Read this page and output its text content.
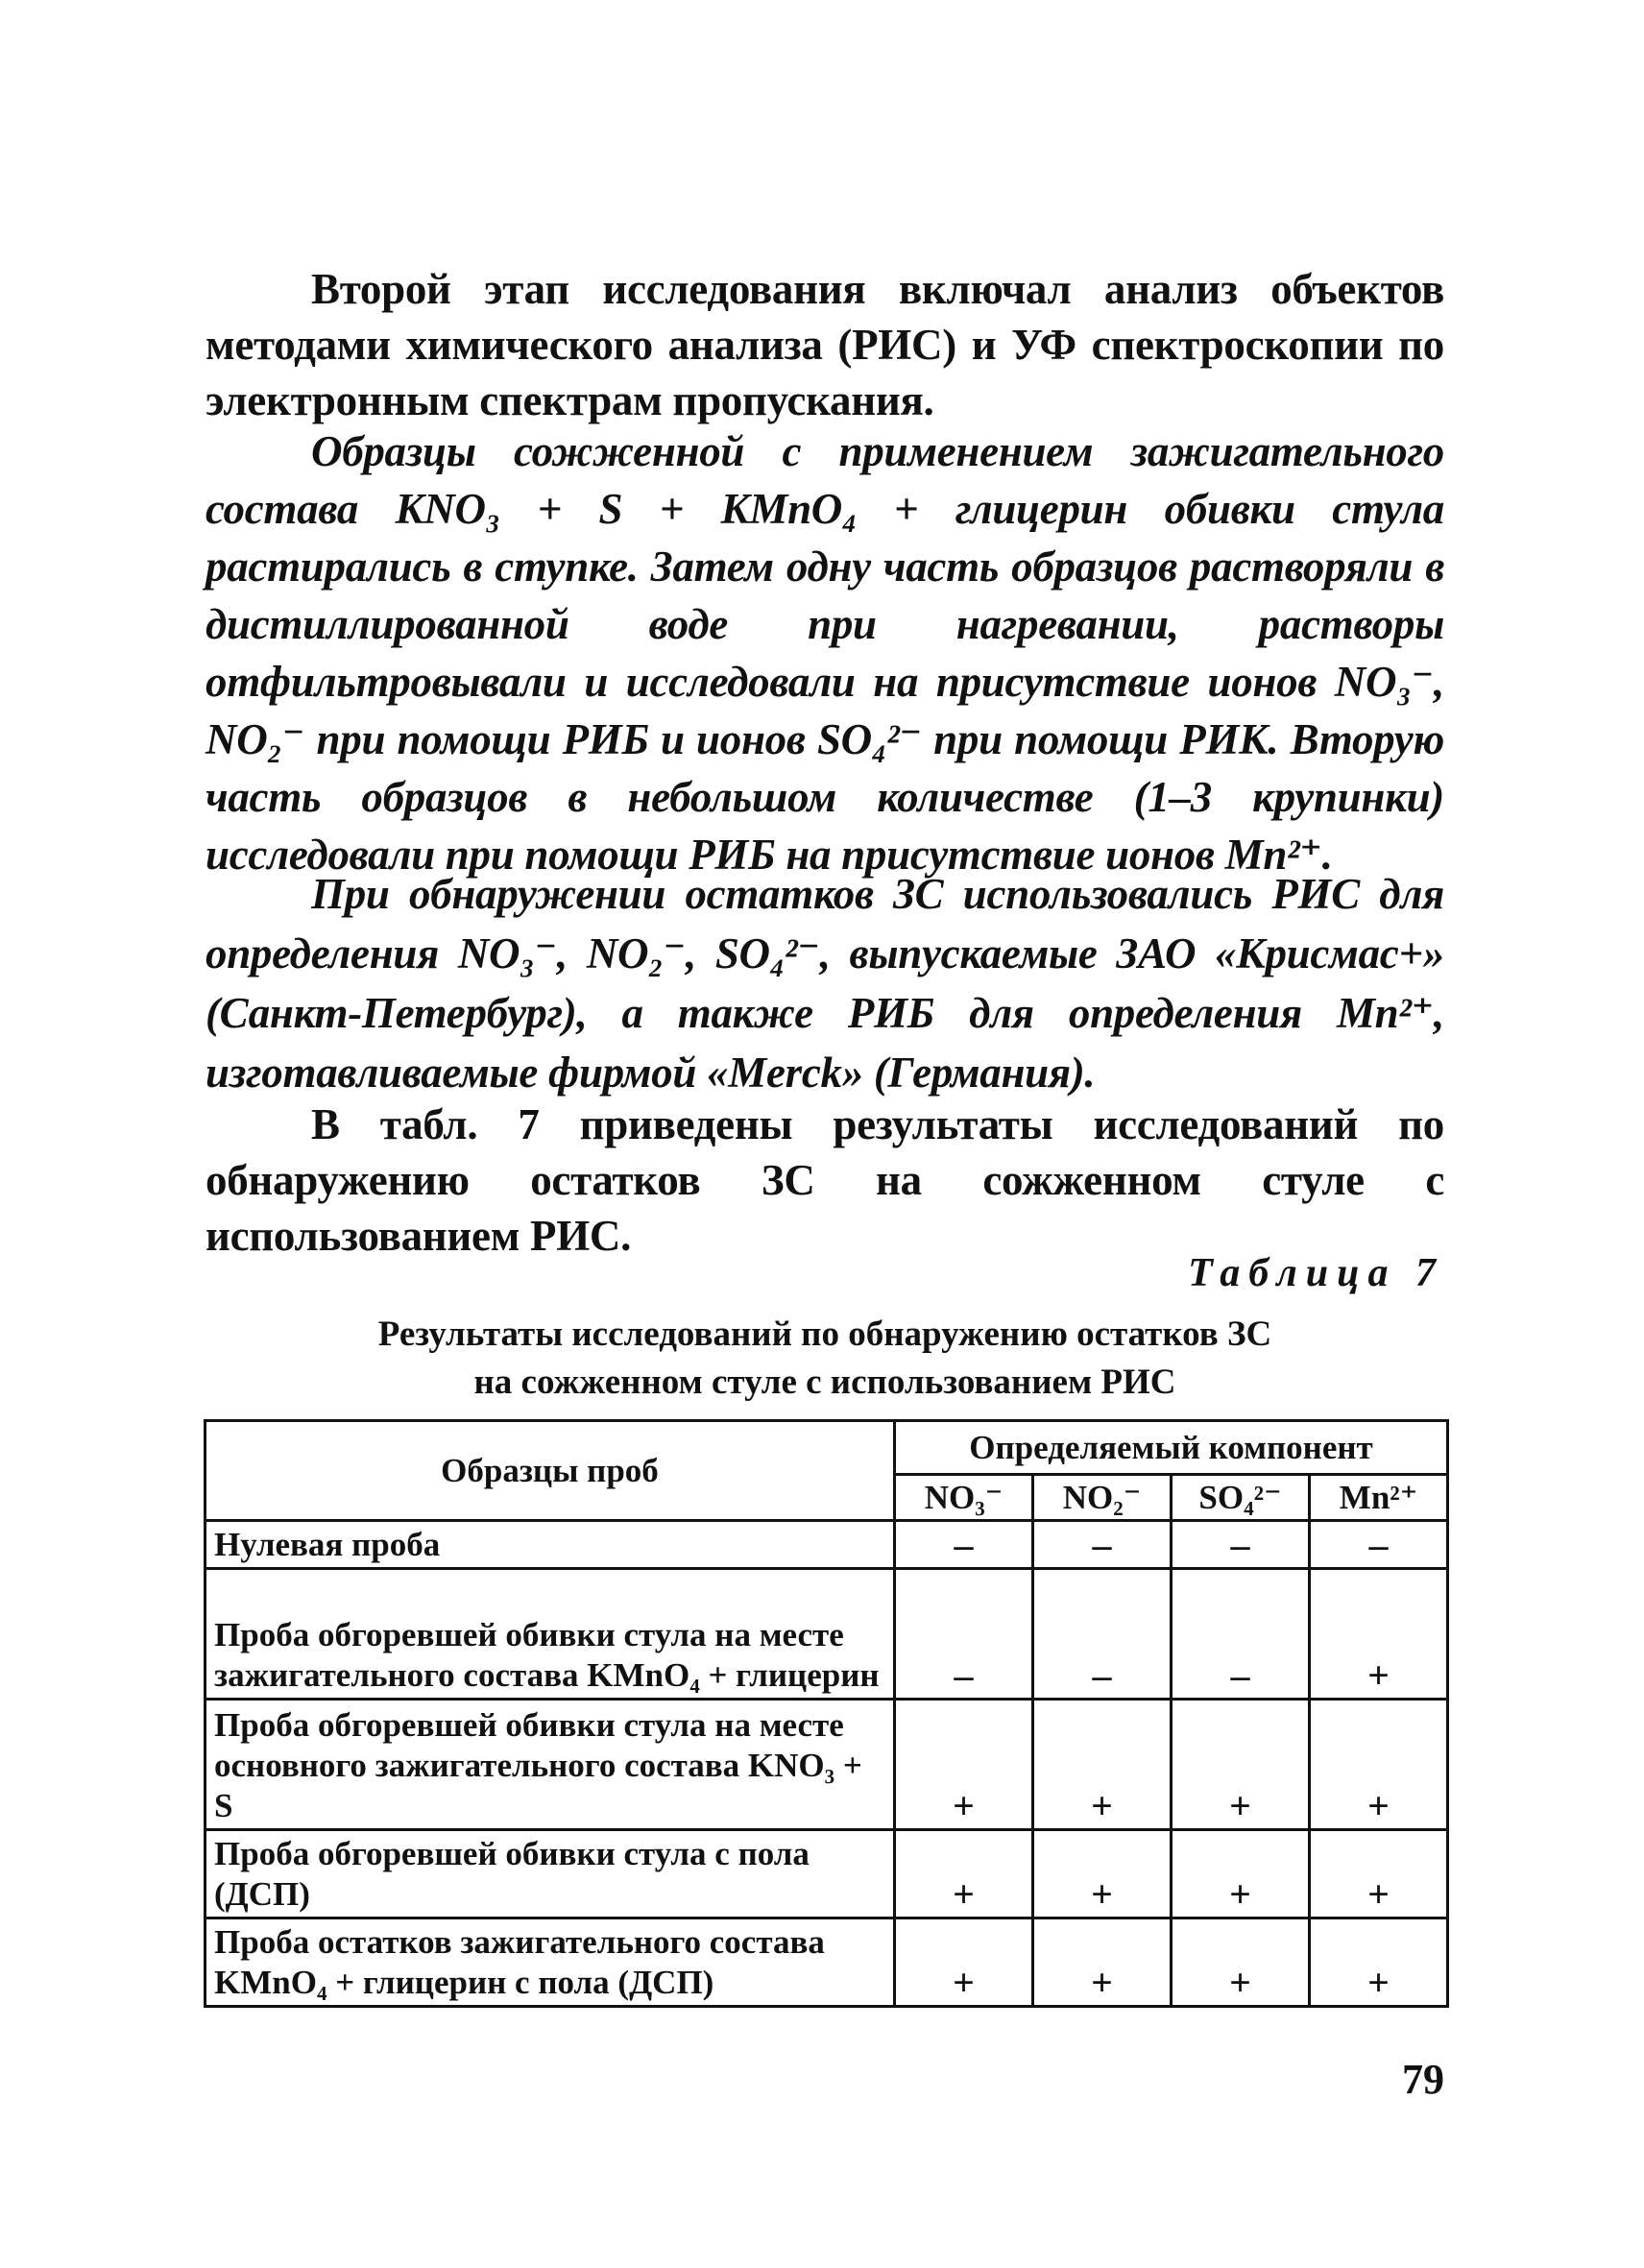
Второй этап исследования включал анализ объектов методами химического анализа (РИС) и УФ спектроскопии по электронным спектрам пропускания.

Образцы сожженной с применением зажигательного состава KNO₃ + S + KMnO₄ + глицерин обивки стула растирались в ступке. Затем одну часть образцов растворяли в дистиллированной воде при нагревании, растворы отфильтровывали и исследовали на присутствие ионов NO₃⁻, NO₂⁻ при помощи РИБ и ионов SO₄²⁻ при помощи РИК. Вторую часть образцов в небольшом количестве (1–3 крупинки) исследовали при помощи РИБ на присутствие ионов Mn²⁺.

При обнаружении остатков ЗС использовались РИС для определения NO₃⁻, NO₂⁻, SO₄²⁻, выпускаемые ЗАО «Крисмас+» (Санкт-Петербург), а также РИБ для определения Mn²⁺, изготавливаемые фирмой «Merck» (Германия).

В табл. 7 приведены результаты исследований по обнаружению остатков ЗС на сожженном стуле с использованием РИС.

Таблица 7
Результаты исследований по обнаружению остатков ЗС
на сожженном стуле с использованием РИС
Образцы проб	Определяемый компонент			
	NO₃⁻	NO₂⁻	SO₄²⁻	Mn²⁺
Нулевая проба	–	–	–	–
Проба обгоревшей обивки стула на месте зажигательного состава KMnO₄ + глицерин	–	–	–	+
Проба обгоревшей обивки стула на месте основного зажигательного состава KNO₃ + S	+	+	+	+
Проба обгоревшей обивки стула с пола (ДСП)	+	+	+	+
Проба остатков зажигательного состава KMnO₄ + глицерин с пола (ДСП)	+	+	+	+
79
